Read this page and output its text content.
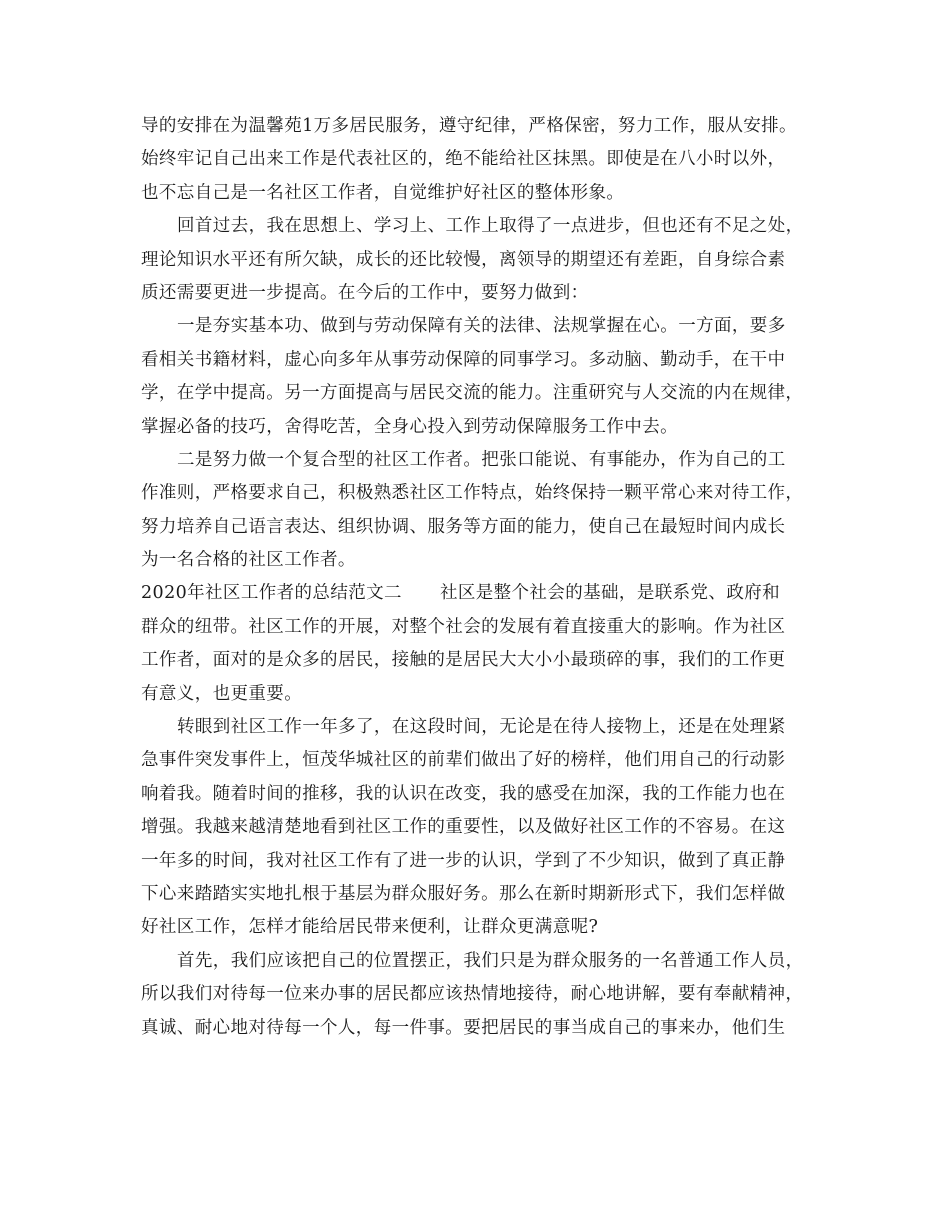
导的安排在为温馨苑1万多居民服务，遵守纪律，严格保密，努力工作，服从安排。
始终牢记自己出来工作是代表社区的，绝不能给社区抹黑。即使是在八小时以外，
也不忘自己是一名社区工作者，自觉维护好社区的整体形象。
回首过去，我在思想上、学习上、工作上取得了一点进步，但也还有不足之处，
理论知识水平还有所欠缺，成长的还比较慢，离领导的期望还有差距，自身综合素
质还需要更进一步提高。在今后的工作中，要努力做到：
一是夯实基本功、做到与劳动保障有关的法律、法规掌握在心。一方面，要多
看相关书籍材料，虚心向多年从事劳动保障的同事学习。多动脑、勤动手，在干中
学，在学中提高。另一方面提高与居民交流的能力。注重研究与人交流的内在规律，
掌握必备的技巧，舍得吃苦，全身心投入到劳动保障服务工作中去。
二是努力做一个复合型的社区工作者。把张口能说、有事能办，作为自己的工
作准则，严格要求自己，积极熟悉社区工作特点，始终保持一颗平常心来对待工作，
努力培养自己语言表达、组织协调、服务等方面的能力，使自己在最短时间内成长
为一名合格的社区工作者。
2020年社区工作者的总结范文二 社区是整个社会的基础，是联系党、政府和
群众的纽带。社区工作的开展，对整个社会的发展有着直接重大的影响。作为社区
工作者，面对的是众多的居民，接触的是居民大大小小最琐碎的事，我们的工作更
有意义，也更重要。
转眼到社区工作一年多了，在这段时间，无论是在待人接物上，还是在处理紧
急事件突发事件上，恒茂华城社区的前辈们做出了好的榜样，他们用自己的行动影
响着我。随着时间的推移，我的认识在改变，我的感受在加深，我的工作能力也在
增强。我越来越清楚地看到社区工作的重要性，以及做好社区工作的不容易。在这
一年多的时间，我对社区工作有了进一步的认识，学到了不少知识，做到了真正静
下心来踏踏实实地扎根于基层为群众服好务。那么在新时期新形式下，我们怎样做
好社区工作，怎样才能给居民带来便利，让群众更满意呢?
首先，我们应该把自己的位置摆正，我们只是为群众服务的一名普通工作人员，
所以我们对待每一位来办事的居民都应该热情地接待，耐心地讲解，要有奉献精神，
真诚、耐心地对待每一个人，每一件事。要把居民的事当成自己的事来办，他们生
